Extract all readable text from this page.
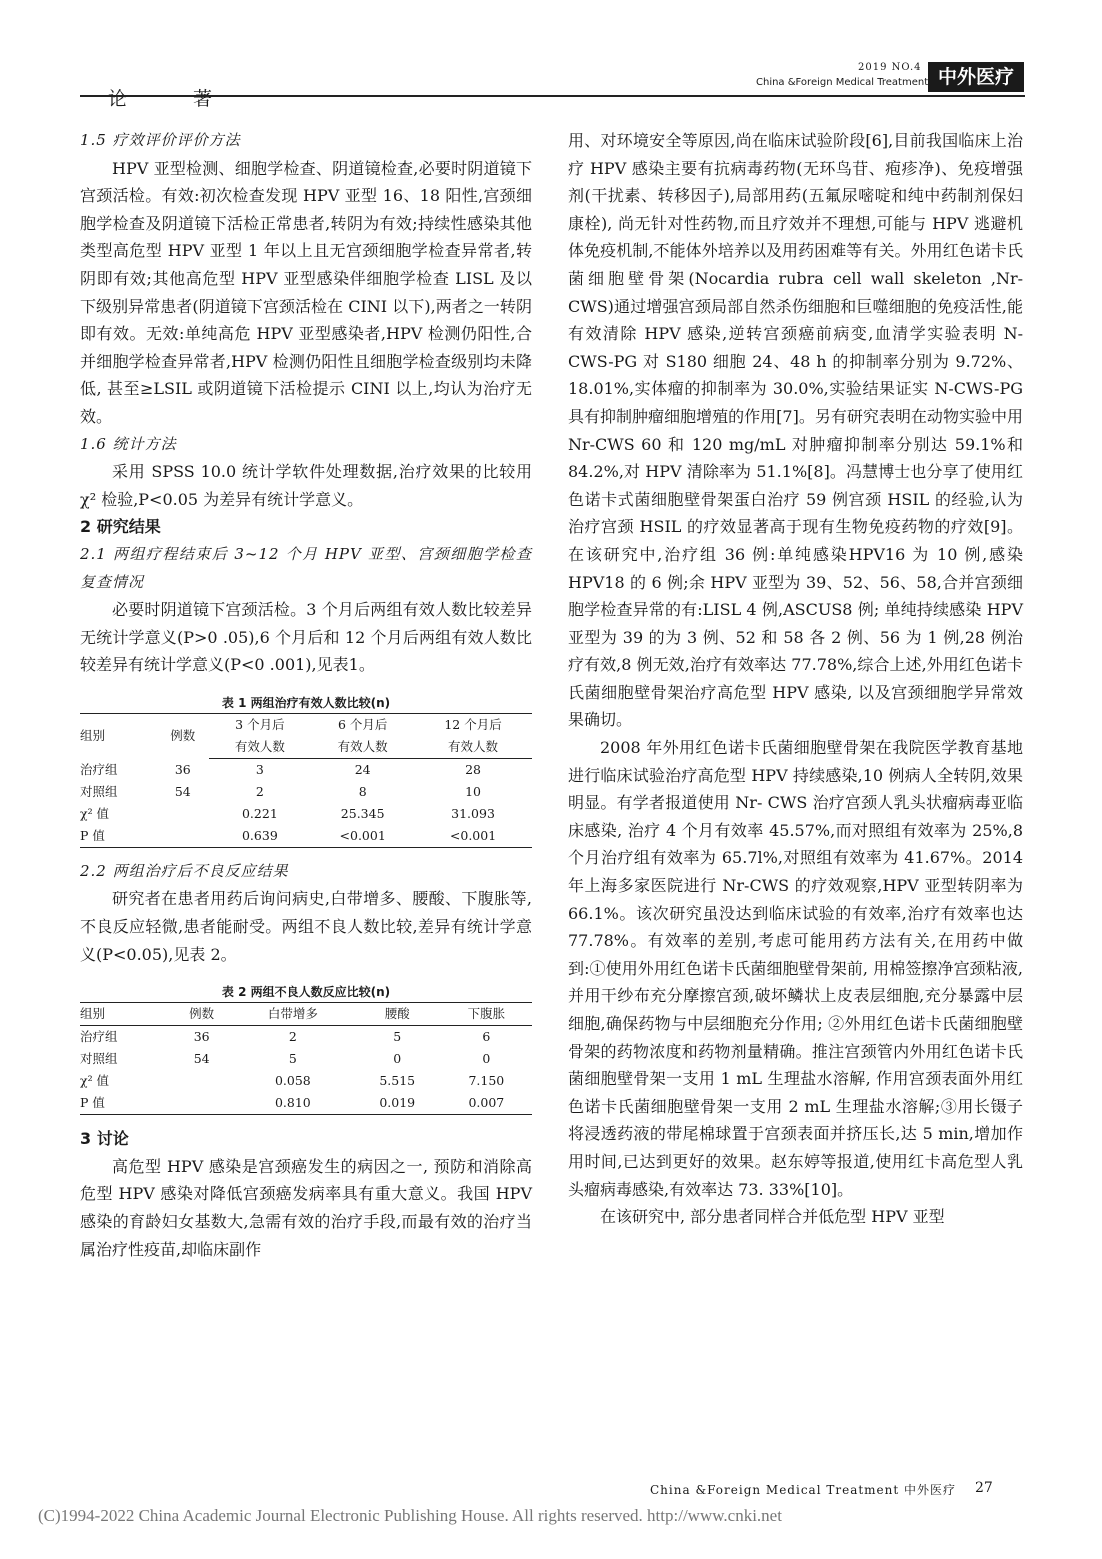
论 著
2019 NO.4
China &Foreign Medical Treatment 中外医疗
1.5 疗效评价评价方法

HPV 亚型检测、细胞学检查、阴道镜检查,必要时阴道镜下宫颈活检。有效:初次检查发现 HPV 亚型 16、18 阳性,宫颈细胞学检查及阴道镜下活检正常患者,转阴为有效;持续性感染其他类型高危型 HPV 亚型 1 年以上且无宫颈细胞学检查异常者,转阴即有效;其他高危型 HPV 亚型感染伴细胞学检查 LISL 及以下级别异常患者(阴道镜下宫颈活检在 CINI 以下),两者之一转阴即有效。无效:单纯高危 HPV 亚型感染者,HPV 检测仍阳性,合并细胞学检查异常者,HPV 检测仍阳性且细胞学检查级别均未降低, 甚至≥LSIL 或阴道镜下活检提示 CINI 以上,均认为治疗无效。

1.6 统计方法

采用 SPSS 10.0 统计学软件处理数据,治疗效果的比较用 χ² 检验,P<0.05 为差异有统计学意义。

2 研究结果
2.1 两组疗程结束后 3~12 个月 HPV 亚型、宫颈细胞学检查复查情况

必要时阴道镜下宫颈活检。3 个月后两组有效人数比较差异无统计学意义(P>0 .05),6 个月后和 12 个月后两组有效人数比较差异有统计学意义(P<0 .001),见表1。

表 1 两组治疗有效人数比较(n)
组别	例数	3 个月后	6 个月后	12 个月后
		有效人数	有效人数	有效人数
治疗组	36	3	24	28
对照组	54	2	8	10
χ² 值		0.221	25.345	31.093
P 值		0.639	<0.001	<0.001
2.2 两组治疗后不良反应结果

研究者在患者用药后询问病史,白带增多、腰酸、下腹胀等,不良反应轻微,患者能耐受。两组不良人数比较,差异有统计学意义(P<0.05),见表 2。

表 2 两组不良人数反应比较(n)
组别	例数	白带增多	腰酸	下腹胀
治疗组	36	2	5	6
对照组	54	5	0	0
χ² 值		0.058	5.515	7.150
P 值		0.810	0.019	0.007
3 讨论

高危型 HPV 感染是宫颈癌发生的病因之一, 预防和消除高危型 HPV 感染对降低宫颈癌发病率具有重大意义。我国 HPV 感染的育龄妇女基数大,急需有效的治疗手段,而最有效的治疗当属治疗性疫苗,却临床副作

用、对环境安全等原因,尚在临床试验阶段[6],目前我国临床上治疗 HPV 感染主要有抗病毒药物(无环鸟苷、疱疹净)、免疫增强剂(干扰素、转移因子),局部用药(五氟尿嘧啶和纯中药制剂保妇康栓), 尚无针对性药物,而且疗效并不理想,可能与 HPV 逃避机体免疫机制,不能体外培养以及用药困难等有关。外用红色诺卡氏菌细胞壁骨架(Nocardia rubra cell wall skeleton ,Nr-CWS)通过增强宫颈局部自然杀伤细胞和巨噬细胞的免疫活性,能有效清除 HPV 感染,逆转宫颈癌前病变,血清学实验表明 N-CWS-PG 对 S180 细胞 24、48 h 的抑制率分别为 9.72%、18.01%,实体瘤的抑制率为 30.0%,实验结果证实 N-CWS-PG 具有抑制肿瘤细胞增殖的作用[7]。另有研究表明在动物实验中用 Nr-CWS 60 和 120 mg/mL 对肿瘤抑制率分别达 59.1%和 84.2%,对 HPV 清除率为 51.1%[8]。冯慧博士也分享了使用红色诺卡式菌细胞壁骨架蛋白治疗 59 例宫颈 HSIL 的经验,认为治疗宫颈 HSIL 的疗效显著高于现有生物免疫药物的疗效[9]。在该研究中,治疗组 36 例:单纯感染HPV16 为 10 例,感染 HPV18 的 6 例;余 HPV 亚型为 39、52、56、58,合并宫颈细胞学检查异常的有:LISL 4 例,ASCUS8 例; 单纯持续感染 HPV 亚型为 39 的为 3 例、52 和 58 各 2 例、56 为 1 例,28 例治疗有效,8 例无效,治疗有效率达 77.78%,综合上述,外用红色诺卡氏菌细胞壁骨架治疗高危型 HPV 感染, 以及宫颈细胞学异常效果确切。

2008 年外用红色诺卡氏菌细胞壁骨架在我院医学教育基地进行临床试验治疗高危型 HPV 持续感染,10 例病人全转阴,效果明显。有学者报道使用 Nr- CWS 治疗宫颈人乳头状瘤病毒亚临床感染, 治疗 4 个月有效率 45.57%,而对照组有效率为 25%,8 个月治疗组有效率为 65.7l%,对照组有效率为 41.67%。2014 年上海多家医院进行 Nr-CWS 的疗效观察,HPV 亚型转阴率为 66.1%。该次研究虽没达到临床试验的有效率,治疗有效率也达 77.78%。有效率的差别,考虑可能用药方法有关,在用药中做到:①使用外用红色诺卡氏菌细胞壁骨架前, 用棉签擦净宫颈粘液, 并用干纱布充分摩擦宫颈,破坏鳞状上皮表层细胞,充分暴露中层细胞,确保药物与中层细胞充分作用; ②外用红色诺卡氏菌细胞壁骨架的药物浓度和药物剂量精确。推注宫颈管内外用红色诺卡氏菌细胞壁骨架一支用 1 mL 生理盐水溶解, 作用宫颈表面外用红色诺卡氏菌细胞壁骨架一支用 2 mL 生理盐水溶解;③用长镊子将浸透药液的带尾棉球置于宫颈表面并挤压长,达 5 min,增加作用时间,已达到更好的效果。赵东婷等报道,使用红卡高危型人乳头瘤病毒感染,有效率达 73. 33%[10]。

在该研究中, 部分患者同样合并低危型 HPV 亚型

China &Foreign Medical Treatment 中外医疗 27
(C)1994-2022 China Academic Journal Electronic Publishing House. All rights reserved. http://www.cnki.net
